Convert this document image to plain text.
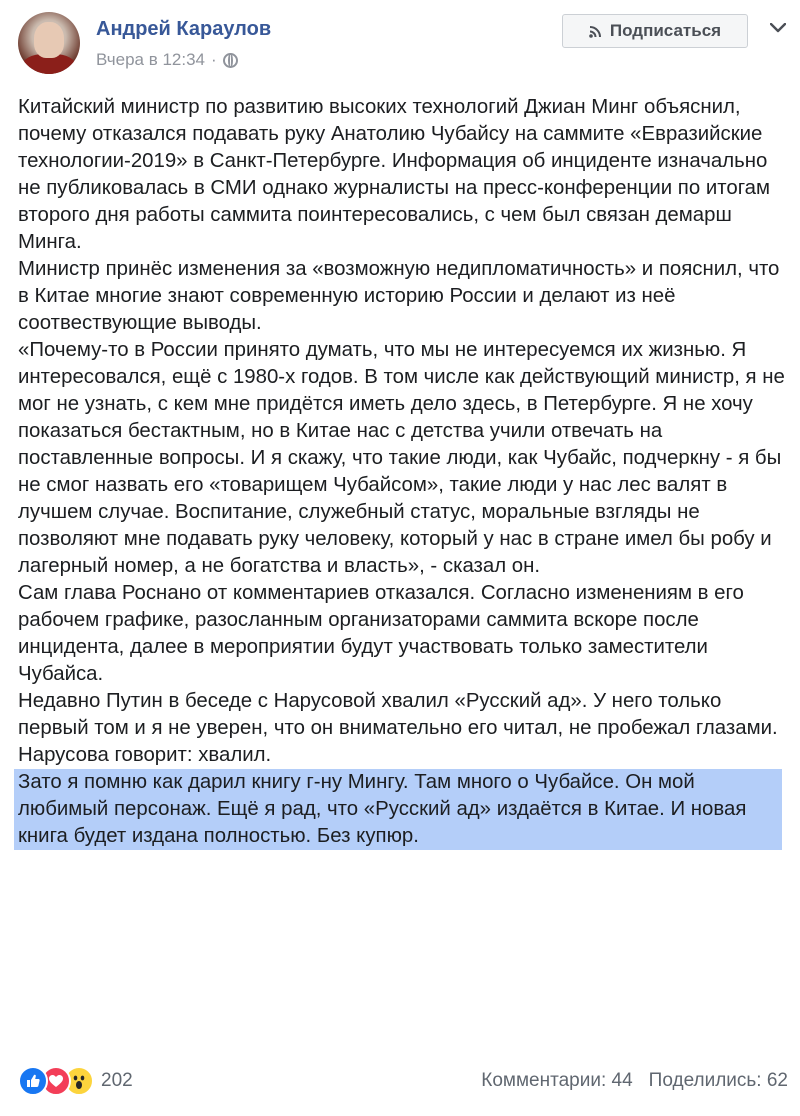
Андрей Караулов
Вчера в 12:34 ·
Подписаться

Китайский министр по развитию высоких технологий Джиан Минг объяснил, почему отказался подавать руку Анатолию Чубайсу на саммите «Евразийские технологии-2019» в Санкт-Петербурге. Информация об инциденте изначально не публиковалась в СМИ однако журналисты на пресс-конференции по итогам второго дня работы саммита поинтересовались, с чем был связан демарш Минга.

Министр принёс изменения за «возможную недипломатичность» и пояснил, что в Китае многие знают современную историю России и делают из неё соотвествующие выводы.

«Почему-то в России принято думать, что мы не интересуемся их жизнью. Я интересовался, ещё с 1980-х годов. В том числе как действующий министр, я не мог не узнать, с кем мне придётся иметь дело здесь, в Петербурге. Я не хочу показаться бестактным, но в Китае нас с детства учили отвечать на поставленные вопросы. И я скажу, что такие люди, как Чубайс, подчеркну - я бы не смог назвать его «товарищем Чубайсом», такие люди у нас лес валят в лучшем случае. Воспитание, служебный статус, моральные взгляды не позволяют мне подавать руку человеку, который у нас в стране имел бы робу и лагерный номер, а не богатства и власть», - сказал он.

Сам глава Роснано от комментариев отказался. Согласно изменениям в его рабочем графике, разосланным организаторами саммита вскоре после инцидента, далее в мероприятии будут участвовать только заместители Чубайса.

Недавно Путин в беседе с Нарусовой хвалил «Русский ад». У него только первый том и я не уверен, что он внимательно его читал, не пробежал глазами.

Нарусова говорит: хвалил.

Зато я помню как дарил книгу г-ну Мингу. Там много о Чубайсе. Он мой любимый персонаж. Ещё я рад, что «Русский ад» издаётся в Китае. И новая книга будет издана полностью. Без купюр.

202	Комментарии: 44 Поделились: 62
